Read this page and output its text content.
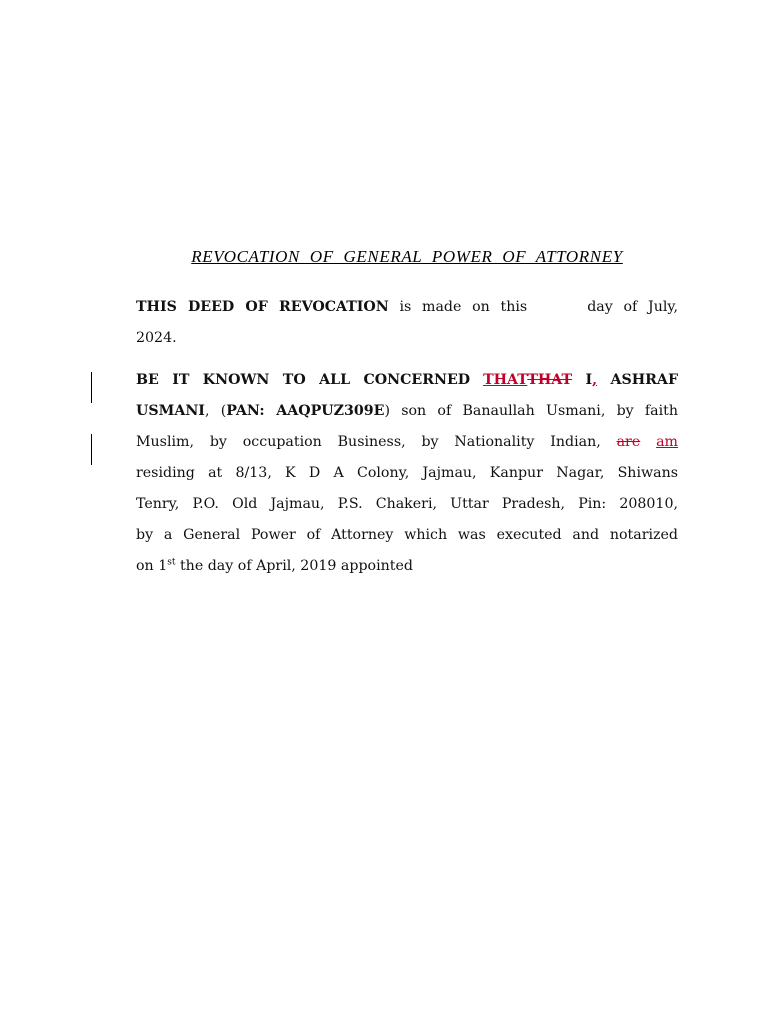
REVOCATION OF GENERAL POWER OF ATTORNEY
THIS DEED OF REVOCATION is made on this	day of July,
2024.
BE IT KNOWN TO ALL CONCERNED THATTHAT I, ASHRAF
USMANI, (PAN: AAQPUZ309E) son of Banaullah Usmani, by faith
Muslim, by occupation Business, by Nationality Indian, are am
residing at 8/13, K D A Colony, Jajmau, Kanpur Nagar, Shiwans
Tenry, P.O. Old Jajmau, P.S. Chakeri, Uttar Pradesh, Pin: 208010,
by a General Power of Attorney which was executed and notarized
on 1st the day of April, 2019 appointed
